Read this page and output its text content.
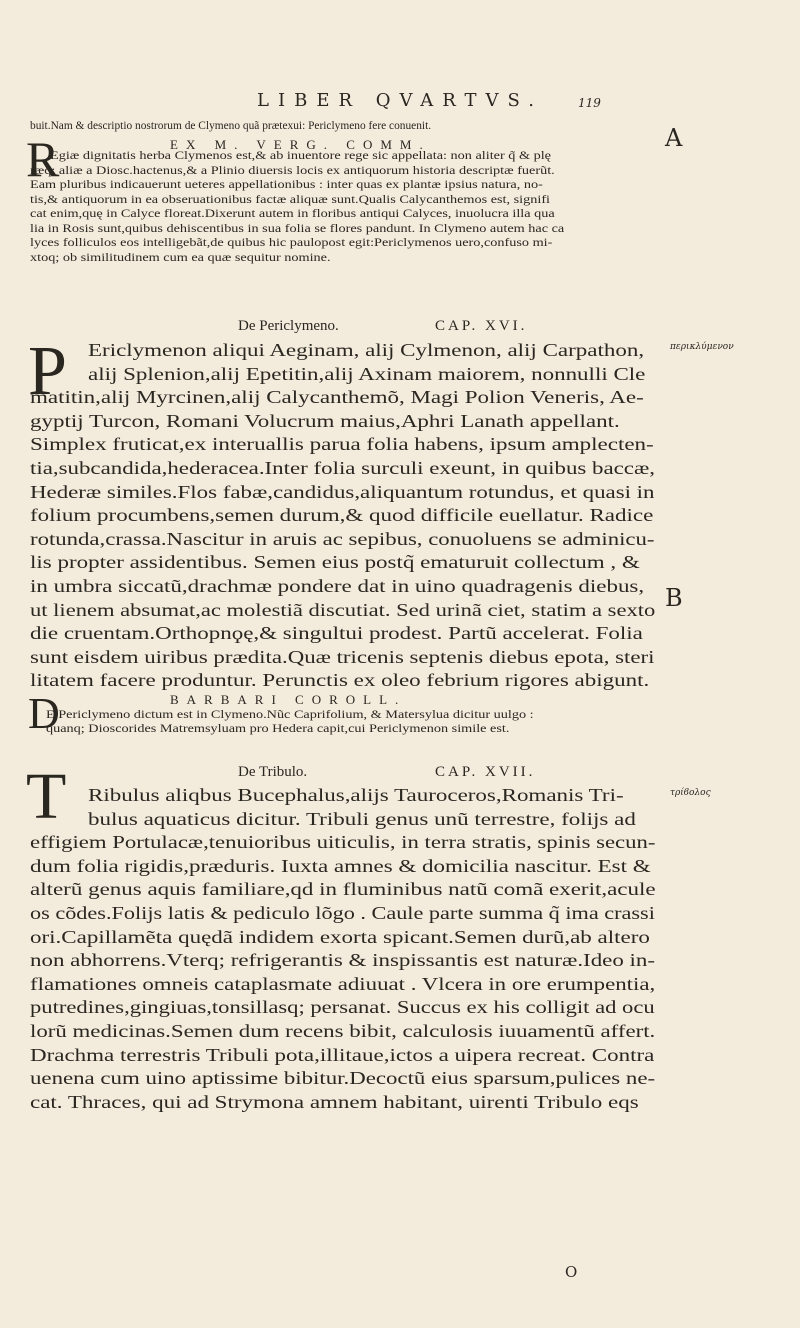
LIBER QVARTVS.	119
A
περικλύμενον
B
τρίϐολος
buit.Nam & descriptio nostrorum de Clymeno quã prætexui: Periclymeno fere conuenit.
R	EX M. VERG. COMM.
Egiæ dignitatis herba Clymenos est,& ab inuentore rege sic appellata: non aliter q̃ & plę
ræq; aliæ a Diosc.hactenus,& a Plinio diuersis locis ex antiquorum historia descriptæ fuerũt.
Eam pluribus indicauerunt ueteres appellationibus : inter quas ex plantæ ipsius natura, no-
tis,& antiquorum in ea obseruationibus factæ aliquæ sunt.Qualis Calycanthemos est, signifi
cat enim,quę in Calyce floreat.Dixerunt autem in floribus antiqui Calyces, inuolucra illa qua
lia in Rosis sunt,quibus dehiscentibus in sua folia se flores pandunt. In Clymeno autem hac ca
lyces folliculos eos intelligebãt,de quibus hic paulopost egit:Periclymenos uero,confuso mi-
xtoq; ob similitudinem cum ea quæ sequitur nomine.
P
De Periclymeno.	CAP. XVI.
Ericlymenon aliqui Aeginam, alij Cylmenon, alij Carpathon,
alij Splenion,alij Epetitin,alij Axinam maiorem, nonnulli Cle
matitin,alij Myrcinen,alij Calycanthemõ, Magi Polion Veneris, Ae-
gyptij Turcon, Romani Volucrum maius,Aphri Lanath appellant.
Simplex fruticat,ex interuallis parua folia habens, ipsum amplecten-
tia,subcandida,hederacea.Inter folia surculi exeunt, in quibus baccæ,
Hederæ similes.Flos fabæ,candidus,aliquantum rotundus, et quasi in
folium procumbens,semen durum,& quod difficile euellatur. Radice
rotunda,crassa.Nascitur in aruis ac sepibus, conuoluens se adminicu-
lis propter assidentibus. Semen eius postq̃ ematuruit collectum , &
in umbra siccatũ,drachmæ pondere dat in uino quadragenis diebus,
ut lienem absumat,ac molestiã discutiat. Sed urinã ciet, statim a sexto
die cruentam.Orthopnϙę,& singultui prodest. Partũ accelerat. Folia
sunt eisdem uiribus prædita.Quæ tricenis septenis diebus epota, steri
litatem facere produntur. Perunctis ex oleo febrium rigores abigunt.
D	BARBARI COROLL.
E Periclymeno dictum est in Clymeno.Nũc Caprifolium, & Matersylua dicitur uulgo :
quanq; Dioscorides Matremsyluam pro Hedera capit,cui Periclymenon simile est.
T	De Tribulo.	CAP. XVII.
Ribulus aliqbus Bucephalus,alijs Tauroceros,Romanis Tri-
bulus aquaticus dicitur. Tribuli genus unũ terrestre, folijs ad
effigiem Portulacæ,tenuioribus uiticulis, in terra stratis, spinis secun-
dum folia rigidis,præduris. Iuxta amnes & domicilia nascitur. Est &
alterũ genus aquis familiare,qd in fluminibus natũ comã exerit,acule
os cõdes.Folijs latis & pediculo lõgo . Caule parte summa q̃ ima crassi
ori.Capillamẽta quędã indidem exorta spicant.Semen durũ,ab altero
non abhorrens.Vterq; refrigerantis & inspissantis est naturæ.Ideo in-
flamationes omneis cataplasmate adiuuat . Vlcera in ore erumpentia,
putredines,gingiuas,tonsillasq; persanat. Succus ex his colligit ad ocu
lorũ medicinas.Semen dum recens bibit, calculosis iuuamentũ affert.
Drachma terrestris Tribuli pota,illitaue,ictos a uipera recreat. Contra
uenena cum uino aptissime bibitur.Decoctũ eius sparsum,pulices ne-
cat. Thraces, qui ad Strymona amnem habitant, uirenti Tribulo eqs
O
